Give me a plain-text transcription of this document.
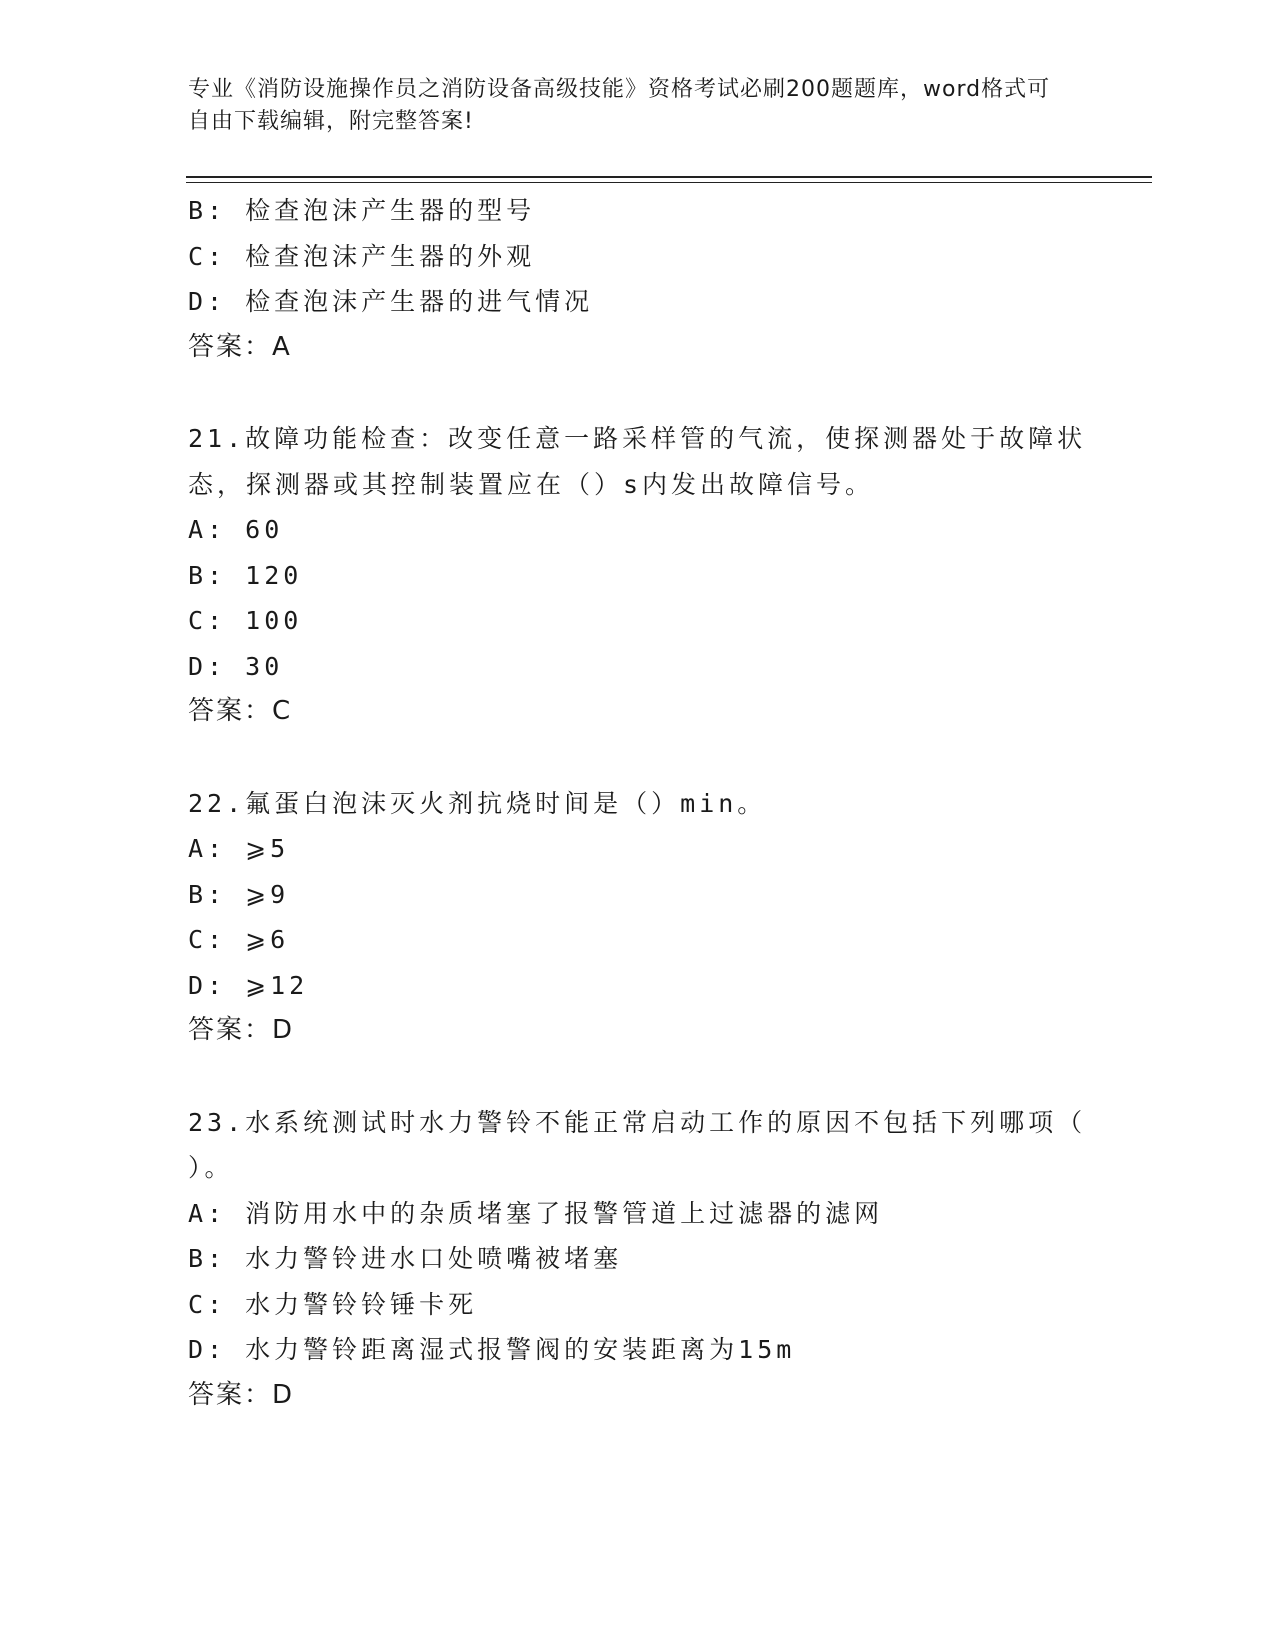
专业《消防设施操作员之消防设备高级技能》资格考试必刷200题题库，word格式可自由下载编辑，附完整答案!
B: 检查泡沫产生器的型号
C: 检查泡沫产生器的外观
D: 检查泡沫产生器的进气情况
答案：A
21.故障功能检查：改变任意一路采样管的气流，使探测器处于故障状
态，探测器或其控制装置应在（）s内发出故障信号。
A: 60
B: 120
C: 100
D: 30
答案：C
22.氟蛋白泡沫灭火剂抗烧时间是（）min。
A: ⩾5
B: ⩾9
C: ⩾6
D: ⩾12
答案：D
23.水系统测试时水力警铃不能正常启动工作的原因不包括下列哪项（
）。
A: 消防用水中的杂质堵塞了报警管道上过滤器的滤网
B: 水力警铃进水口处喷嘴被堵塞
C: 水力警铃铃锤卡死
D: 水力警铃距离湿式报警阀的安装距离为15m
答案：D
